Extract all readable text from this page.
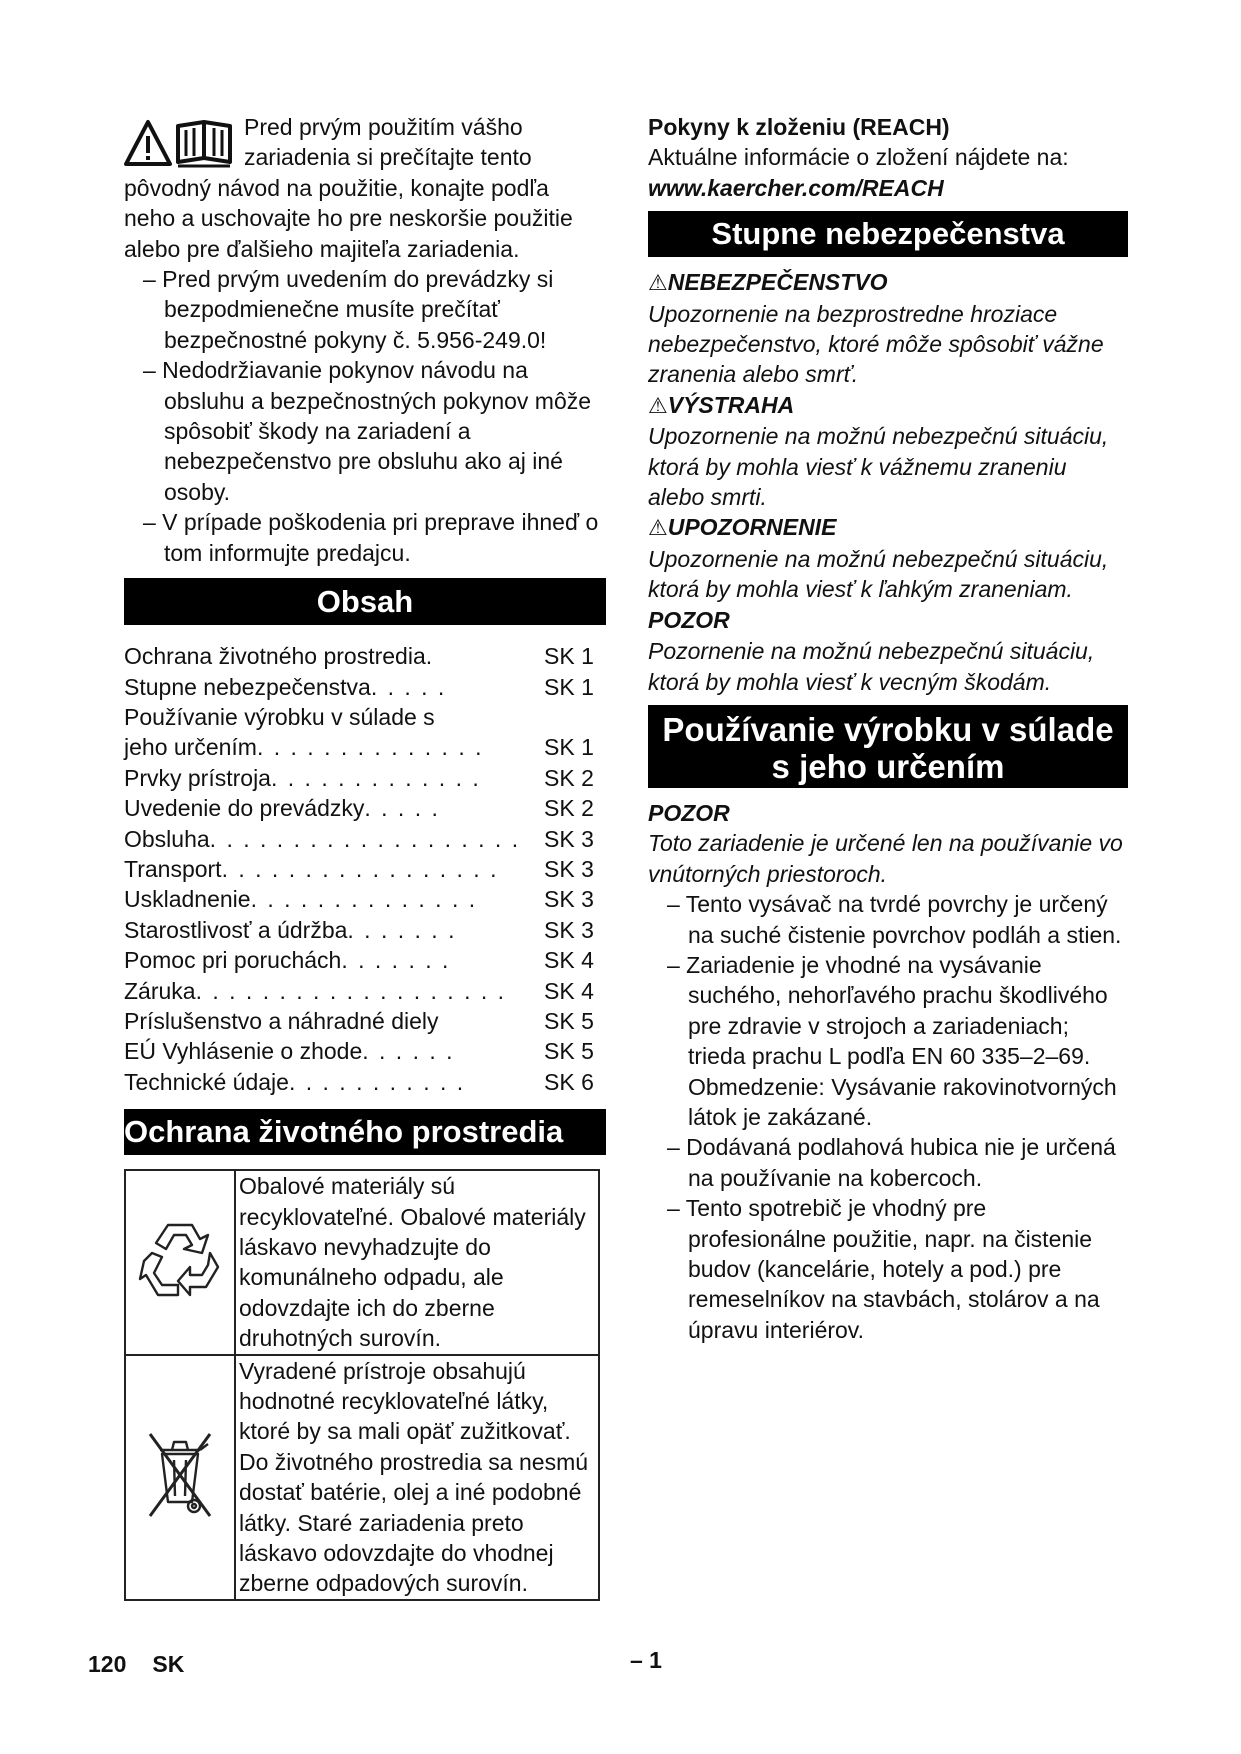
Pred prvým použitím vášho zariadenia si prečítajte tento pôvodný návod na použitie, konajte podľa neho a uschovajte ho pre neskoršie použitie alebo pre ďalšieho majiteľa zariadenia.

– Pred prvým uvedením do prevádzky si bezpodmienečne musíte prečítať bezpečnostné pokyny č. 5.956-249.0!

– Nedodržiavanie pokynov návodu na obsluhu a bezpečnostných pokynov môže spôsobiť škody na zariadení a nebezpečenstvo pre obsluhu ako aj iné osoby.

– V prípade poškodenia pri preprave ihneď o tom informujte predajcu.

Obsah
Ochrana životného prostredia.	SK 1
Stupne nebezpečenstva . . . . .	SK 1
Používanie výrobku v súlade s
jeho určením . . . . . . . . . . . . . .	SK 1
Prvky prístroja . . . . . . . . . . . . .	SK 2
Uvedenie do prevádzky . . . . .	SK 2
Obsluha . . . . . . . . . . . . . . . . . . .	SK 3
Transport . . . . . . . . . . . . . . . . .	SK 3
Uskladnenie . . . . . . . . . . . . . .	SK 3
Starostlivosť a údržba . . . . . . .	SK 3
Pomoc pri poruchách . . . . . . .	SK 4
Záruka . . . . . . . . . . . . . . . . . . .	SK 4
Príslušenstvo a náhradné diely	SK 5
EÚ Vyhlásenie o zhode . . . . . .	SK 5
Technické údaje . . . . . . . . . . .	SK 6
Ochrana životného prostredia
	Obalové materiály sú recyklovateľné. Obalové materiály láskavo nevyhadzujte do komunálneho odpadu, ale odovzdajte ich do zberne druhotných surovín.
	Vyradené prístroje obsahujú hodnotné recyklovateľné látky, ktoré by sa mali opäť zužitkovať. Do životného prostredia sa nesmú dostať batérie, olej a iné podobné látky. Staré zariadenia preto láskavo odovzdajte do vhodnej zberne odpadových surovín.

Pokyny k zloženiu (REACH)

Aktuálne informácie o zložení nájdete na:

www.kaercher.com/REACH

Stupne nebezpečenstva

⚠NEBEZPEČENSTVO

Upozornenie na bezprostredne hroziace nebezpečenstvo, ktoré môže spôsobiť vážne zranenia alebo smrť.

⚠VÝSTRAHA

Upozornenie na možnú nebezpečnú situáciu, ktorá by mohla viesť k vážnemu zraneniu alebo smrti.

⚠UPOZORNENIE

Upozornenie na možnú nebezpečnú situáciu, ktorá by mohla viesť k ľahkým zraneniam.

POZOR

Pozornenie na možnú nebezpečnú situáciu, ktorá by mohla viesť k vecným škodám.

Používanie výrobku v súlade
s jeho určením

POZOR

Toto zariadenie je určené len na používanie vo vnútorných priestoroch.

– Tento vysávač na tvrdé povrchy je určený na suché čistenie povrchov podláh a stien.

– Zariadenie je vhodné na vysávanie suchého, nehorľavého prachu škodlivého pre zdravie v strojoch a zariadeniach; trieda prachu L podľa EN 60 335–2–69. Obmedzenie: Vysávanie rakovinotvorných látok je zakázané.

– Dodávaná podlahová hubica nie je určená na používanie na kobercoch.

– Tento spotrebič je vhodný pre profesionálne použitie, napr. na čistenie budov (kancelárie, hotely a pod.) pre remeselníkov na stavbách, stolárov a na úpravu interiérov.

120 SK	– 1
